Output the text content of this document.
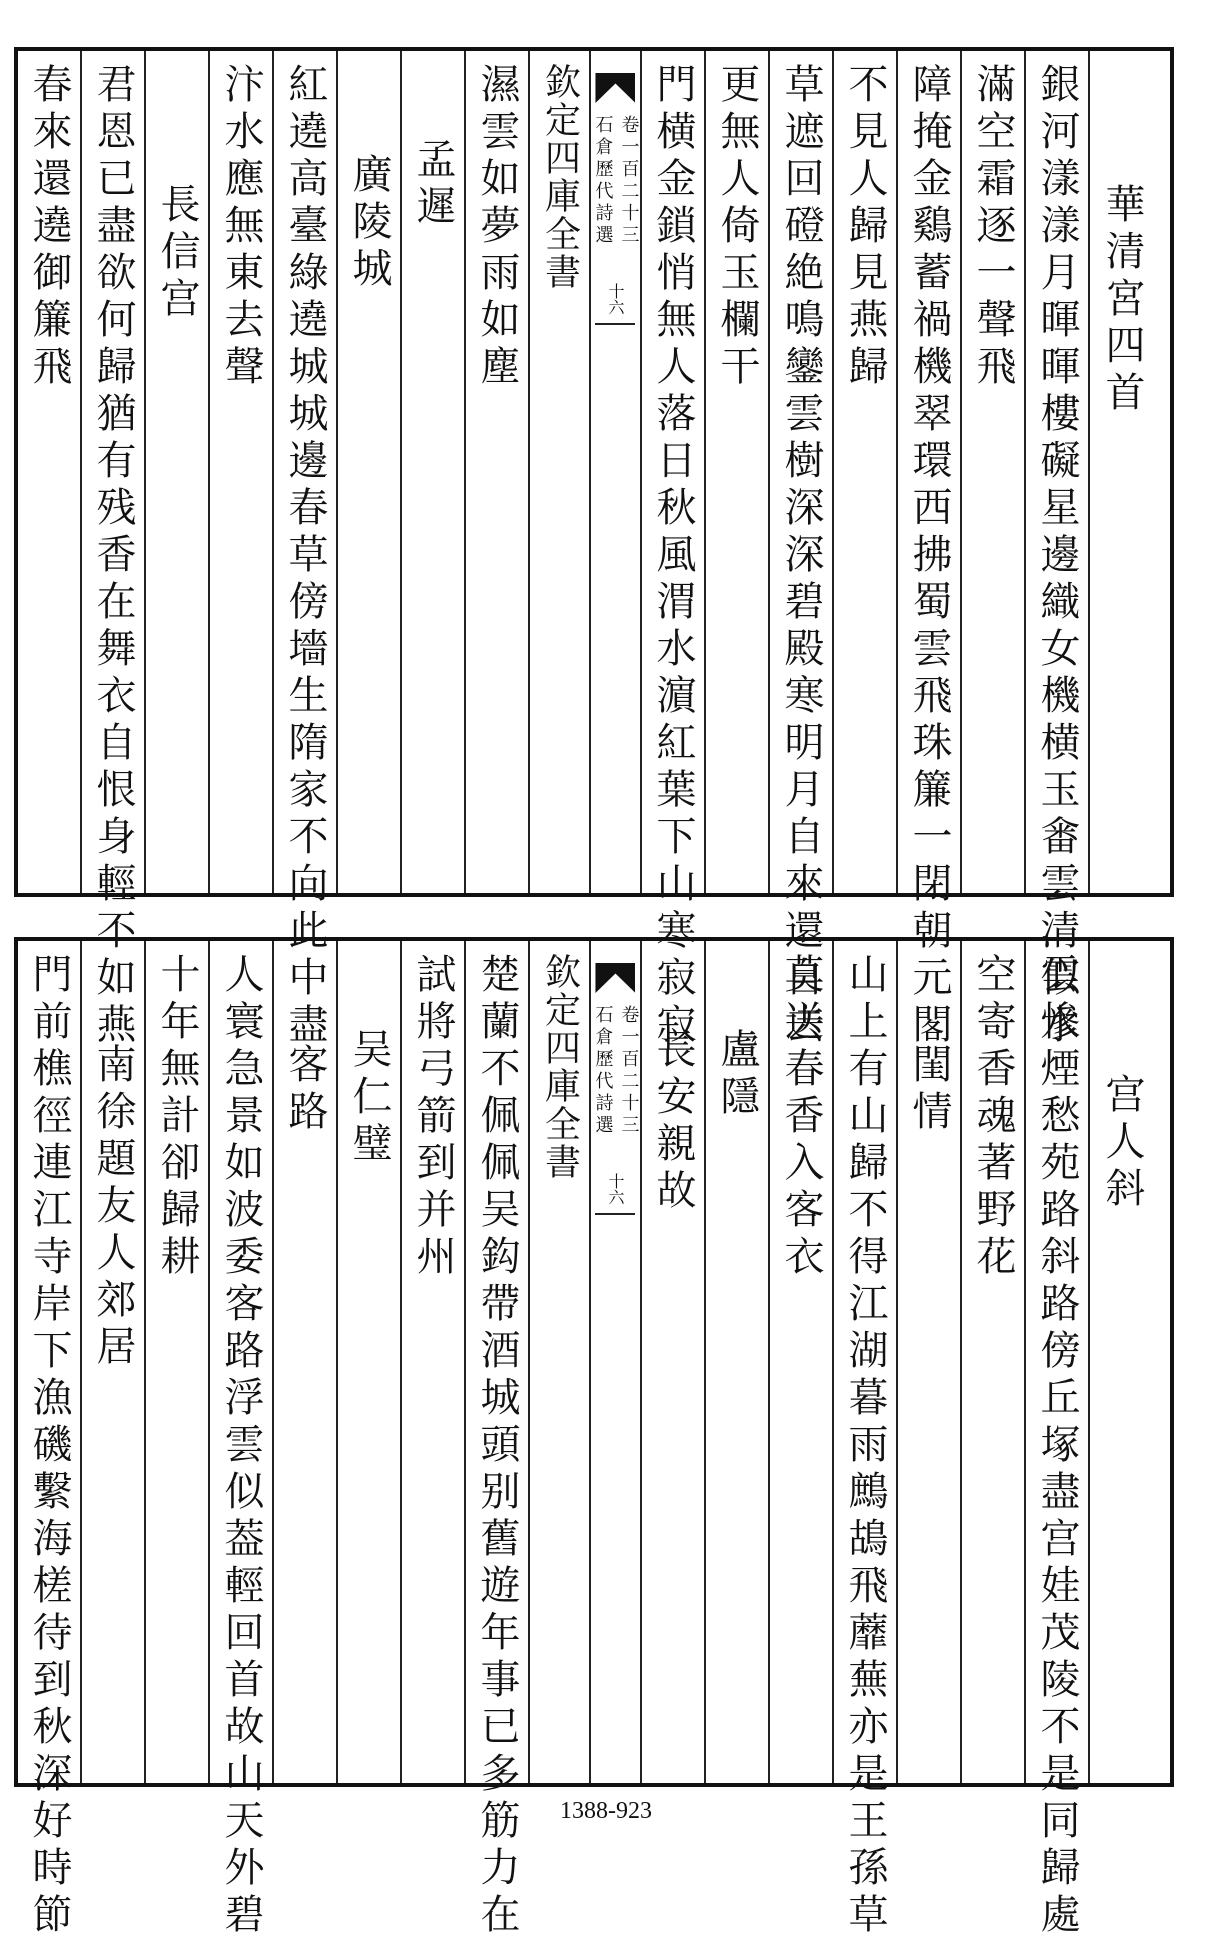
春來還遶御簾飛 君恩已盡欲何歸猶有残香在舞衣自恨身輕不如燕 長信宫 汴水應無東去聲 紅遶高臺綠遶城城邊春草傍墻生隋家不向此中盡 廣陵城 孟遲 濕雲如夢雨如塵 欽定四庫全書 石倉歷代詩選 卷一百二十三
十六 門横金鎖悄無人落日秋風渭水濵紅葉下山寒寂寂 更無人倚玉欄干 草遮回磴絶鳴鑾雲樹深深碧殿寒明月自來還自去 不見人歸見燕歸 障掩金鷄蓄禍機翠環西拂蜀雲飛珠簾一閉朝元閣 滿空霜逐一聲飛 銀河漾漾月暉暉樓礙星邊織女機横玉𤲞雲清似水 華清宮四首
門前樵徑連江寺岸下漁磯繫海槎待到秋深好時節 南徐題友人郊居 十年無計卻歸耕 人寰急景如波委客路浮雲似葢輕回首故山天外碧 客路 吴仁璧 試將弓箭到并州 楚蘭不佩佩吴鈎帶酒城頭别舊遊年事已多筋力在 欽定四庫全書 石倉歷代詩選 卷一百二十三
十六 長安親故 盧隱 莫送春香入客衣 山上有山歸不得江湖暮雨鷓鴣飛蘼蕪亦是王孫草 閨情 空寄香魂著野花 雲慘煙愁苑路斜路傍丘塚盡宫娃茂陵不是同歸處 宫人斜
1388-923
